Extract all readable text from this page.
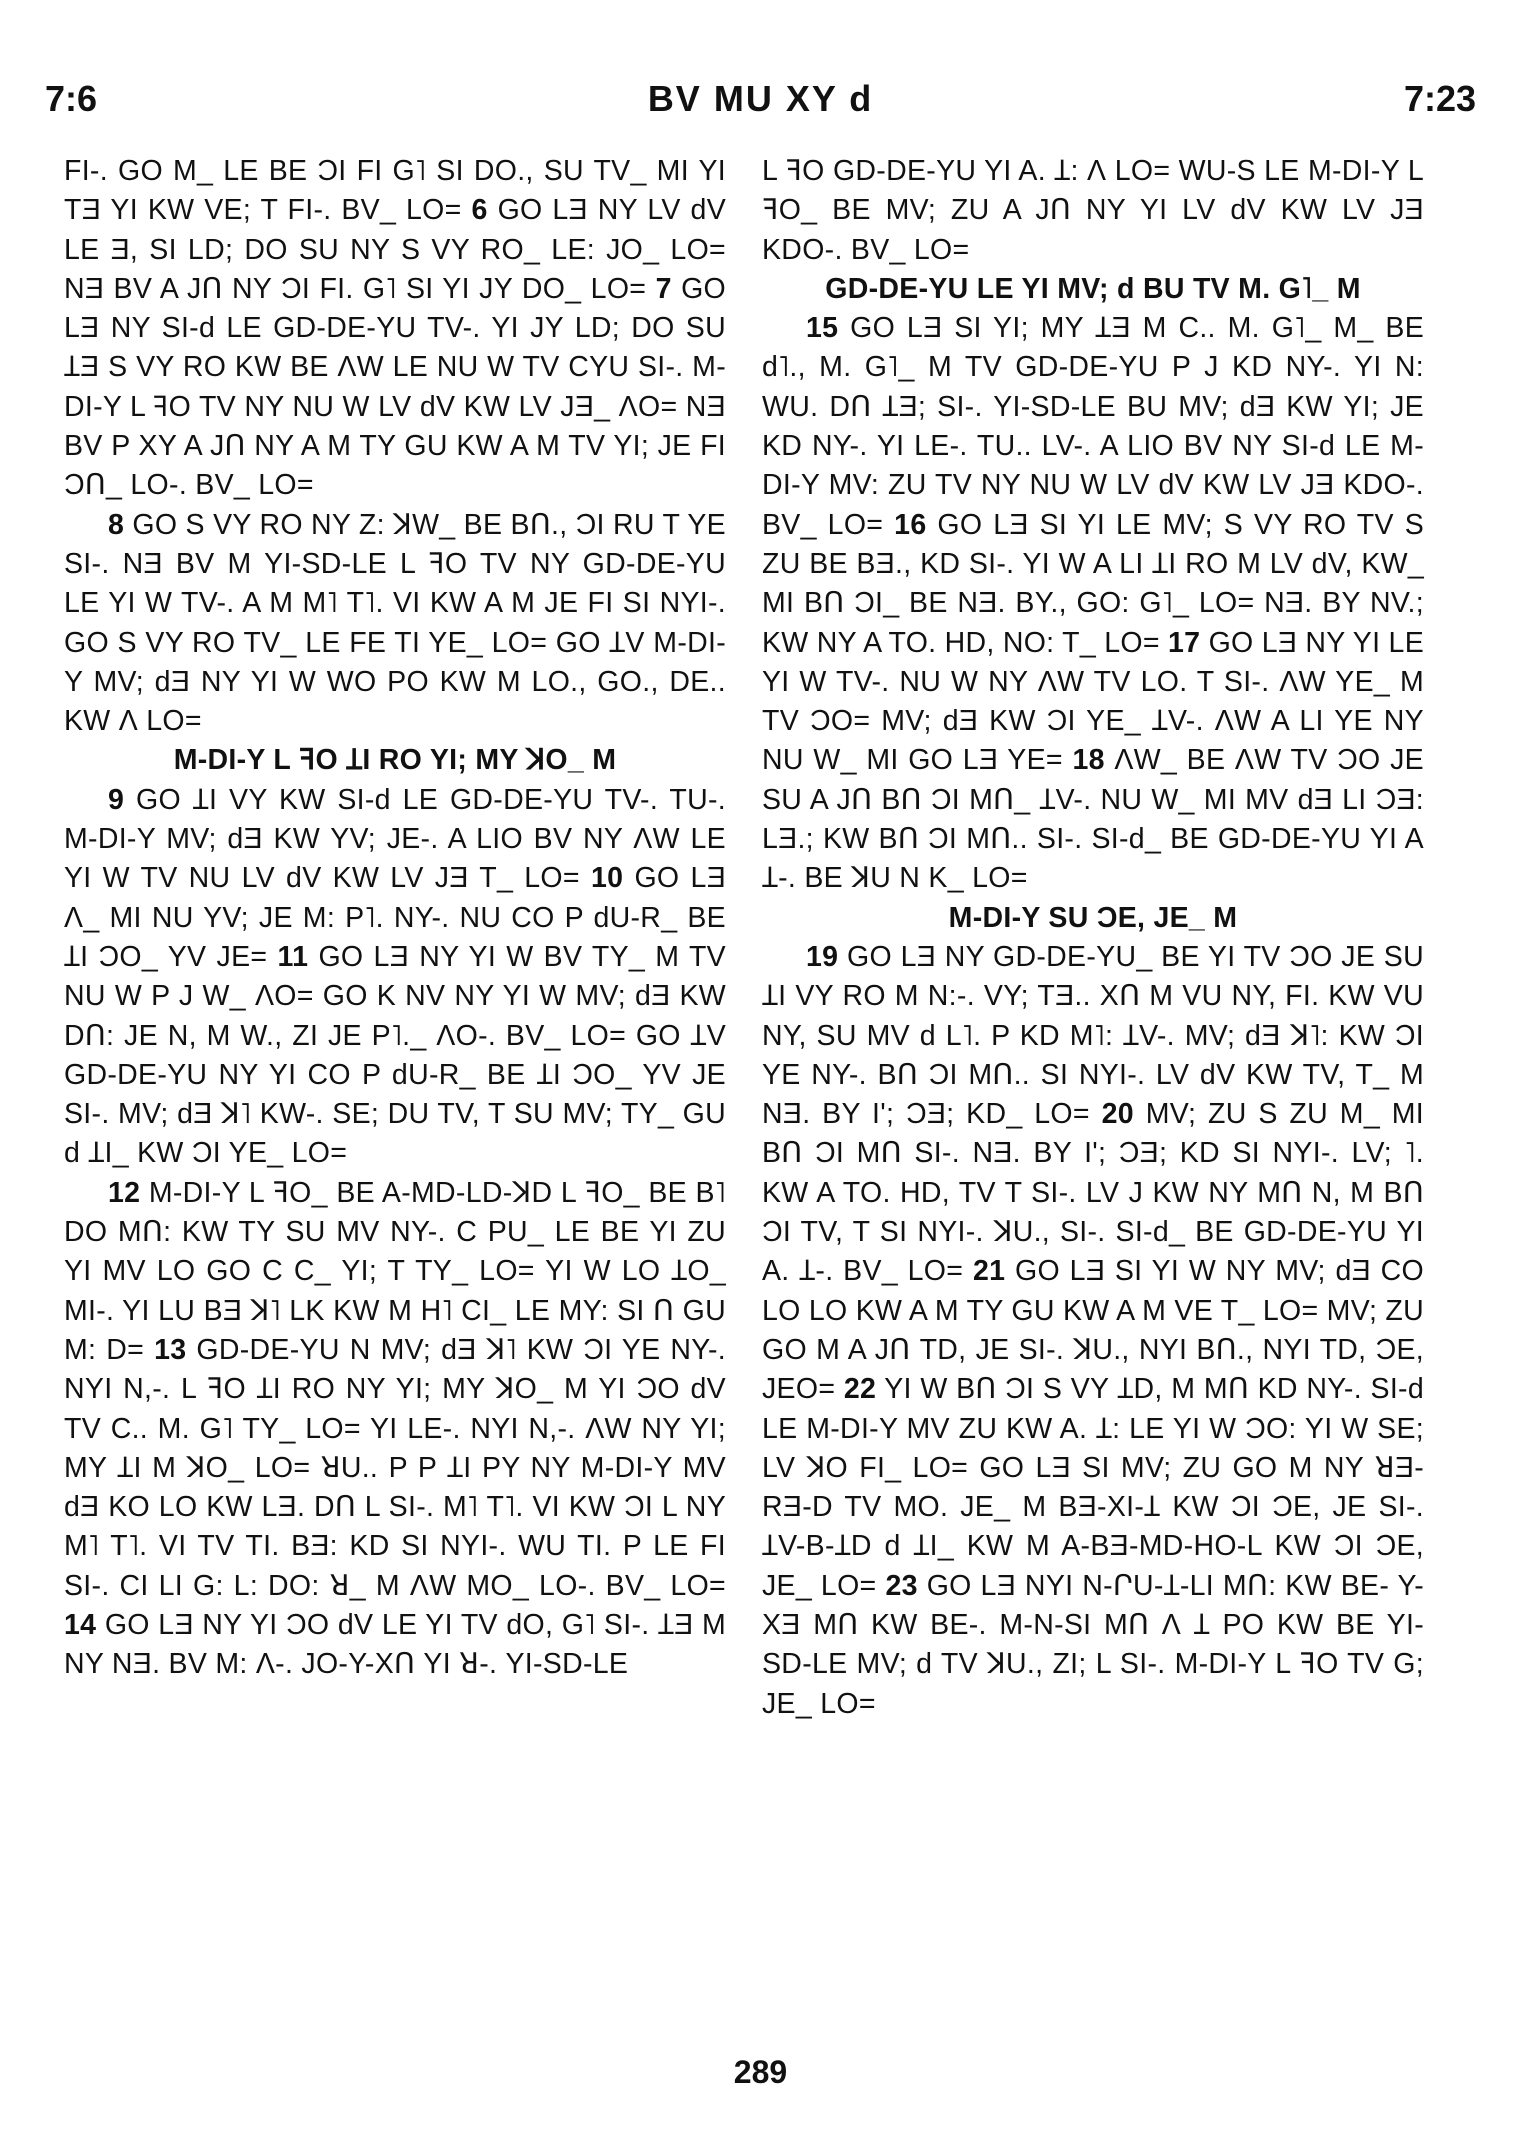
7:6	BV MU XY d	7:23

FI-. GO M_ LE BE ƆI FI G˥ SI DO., SU TV_ MI YI TƎ YI KW VE; T FI-. BV_ LO= 6 GO LƎ NY LV dV LE Ǝ, SI LD; DO SU NY S VY RO_ LE: JO_ LO= NƎ BV A JՈ NY ƆI FI. G˥ SI YI JY DO_ LO= 7 GO LƎ NY SI-d LE GD-DE-YU TV-. YI JY LD; DO SU ꞱƎ S VY RO KW BE ɅW LE NU W TV CYU SI-. M-DI-Y L ꟻO TV NY NU W LV dV KW LV JƎ_ ɅO= NƎ BV P XY A JՈ NY A M TY GU KW A M TV YI; JE FI ƆՈ_ LO-. BV_ LO=

8 GO S VY RO NY Z: ꓘW_ BE BՈ., ƆI RU T YE SI-. NƎ BV M YI-SD-LE L ꟻO TV NY GD-DE-YU LE YI W TV-. A M M˥ T˥. VI KW A M JE FI SI NYI-. GO S VY RO TV_ LE FE TI YE_ LO= GO ꞱV M-DI-Y MV; dƎ NY YI W WO PO KW M LO., GO., DE.. KW Ʌ LO=

M-DI-Y L ꟻO ꞱI RO YI; MY ꓘO_ M

9 GO ꞱI VY KW SI-d LE GD-DE-YU TV-. TU-. M-DI-Y MV; dƎ KW YV; JE-. A LIO BV NY ɅW LE YI W TV NU LV dV KW LV JƎ T_ LO= 10 GO LƎ Ʌ_ MI NU YV; JE M: P˥. NY-. NU CO P dU-R_ BE ꞱI ƆO_ YV JE= 11 GO LƎ NY YI W BV TY_ M TV NU W P J W_ ɅO= GO K NV NY YI W MV; dƎ KW DՈ: JE N, M W., ZI JE P˥._ ɅO-. BV_ LO= GO ꞱV GD-DE-YU NY YI CO P dU-R_ BE ꞱI ƆO_ YV JE SI-. MV; dƎ ꓘ˥ KW-. SE; DU TV, T SU MV; TY_ GU d ꞱI_ KW ƆI YE_ LO=

12 M-DI-Y L ꟻO_ BE A-MD-LD-ꓘD L ꟻO_ BE B˥ DO MՈ: KW TY SU MV NY-. C PU_ LE BE YI ZU YI MV LO GO C C_ YI; T TY_ LO= YI W LO ꞱO_ MI-. YI LU BƎ ꓘ˥ LK KW M H˥ CI_ LE MY: SI Ո GU M: D= 13 GD-DE-YU N MV; dƎ ꓘ˥ KW ƆI YE NY-. NYI N,-. L ꟻO ꞱI RO NY YI; MY ꓘO_ M YI ƆO dV TV C.. M. G˥ TY_ LO= YI LE-. NYI N,-. ɅW NY YI; MY ꞱI M ꓘO_ LO= ꓤU.. P P ꞱI PY NY M-DI-Y MV dƎ KO LO KW LƎ. DՈ L SI-. M˥ T˥. VI KW ƆI L NY M˥ T˥. VI TV TI. BƎ: KD SI NYI-. WU TI. P LE FI SI-. CI LI G: L: DO: ꓤ_ M ɅW MO_ LO-. BV_ LO= 14 GO LƎ NY YI ƆO dV LE YI TV dO, G˥ SI-. ꞱƎ M NY NƎ. BV M: Ʌ-. JO-Y-XՈ YI ꓤ-. YI-SD-LE

L ꟻO GD-DE-YU YI A. Ʇ: Ʌ LO= WU-S LE M-DI-Y L ꟻO_ BE MV; ZU A JՈ NY YI LV dV KW LV JƎ KDO-. BV_ LO=

GD-DE-YU LE YI MV; d BU TV M. G˥_ M

15 GO LƎ SI YI; MY ꞱƎ M C.. M. G˥_ M_ BE d˥., M. G˥_ M TV GD-DE-YU P J KD NY-. YI N: WU. DՈ ꞱƎ; SI-. YI-SD-LE BU MV; dƎ KW YI; JE KD NY-. YI LE-. TU.. LV-. A LIO BV NY SI-d LE M-DI-Y MV: ZU TV NY NU W LV dV KW LV JƎ KDO-. BV_ LO= 16 GO LƎ SI YI LE MV; S VY RO TV S ZU BE BƎ., KD SI-. YI W A LI ꞱI RO M LV dV, KW_ MI BՈ ƆI_ BE NƎ. BY., GO: G˥_ LO= NƎ. BY NV.; KW NY A TO. HD, NO: T_ LO= 17 GO LƎ NY YI LE YI W TV-. NU W NY ɅW TV LO. T SI-. ɅW YE_ M TV ƆO= MV; dƎ KW ƆI YE_ ꞱV-. ɅW A LI YE NY NU W_ MI GO LƎ YE= 18 ɅW_ BE ɅW TV ƆO JE SU A JՈ BՈ ƆI MՈ_ ꞱV-. NU W_ MI MV dƎ LI ƆƎ: LƎ.; KW BՈ ƆI MՈ.. SI-. SI-d_ BE GD-DE-YU YI A Ʇ-. BE ꓘU N K_ LO=

M-DI-Y SU ƆE, JE_ M

19 GO LƎ NY GD-DE-YU_ BE YI TV ƆO JE SU ꞱI VY RO M N:-. VY; TƎ.. XՈ M VU NY, FI. KW VU NY, SU MV d L˥. P KD M˥: ꞱV-. MV; dƎ ꓘ˥: KW ƆI YE NY-. BՈ ƆI MՈ.. SI NYI-. LV dV KW TV, T_ M NƎ. BY I'; ƆƎ; KD_ LO= 20 MV; ZU S ZU M_ MI BՈ ƆI MՈ SI-. NƎ. BY I'; ƆƎ; KD SI NYI-. LV; ˥. KW A TO. HD, TV T SI-. LV J KW NY MՈ N, M BՈ ƆI TV, T SI NYI-. ꓘU., SI-. SI-d_ BE GD-DE-YU YI A. Ʇ-. BV_ LO= 21 GO LƎ SI YI W NY MV; dƎ CO LO LO KW A M TY GU KW A M VE T_ LO= MV; ZU GO M A JՈ TD, JE SI-. ꓘU., NYI BՈ., NYI TD, ƆE, JEO= 22 YI W BՈ ƆI S VY ꞱD, M MՈ KD NY-. SI-d LE M-DI-Y MV ZU KW A. Ʇ: LE YI W ƆO: YI W SE; LV ꓘO FI_ LO= GO LƎ SI MV; ZU GO M NY ꓤƎ-RƎ-D TV MO. JE_ M BƎ-XI-Ʇ KW ƆI ƆE, JE SI-. ꞱV-B-ꞱD d ꞱI_ KW M A-BƎ-MD-HO-L KW ƆI ƆE, JE_ LO= 23 GO LƎ NYI N-ՐU-Ʇ-LI MՈ: KW BE- Y-XƎ MՈ KW BE-. M-N-SI MՈ Ʌ Ʇ PO KW BE YI-SD-LE MV; d TV ꓘU., ZI; L SI-. M-DI-Y L ꟻO TV G; JE_ LO=

289
